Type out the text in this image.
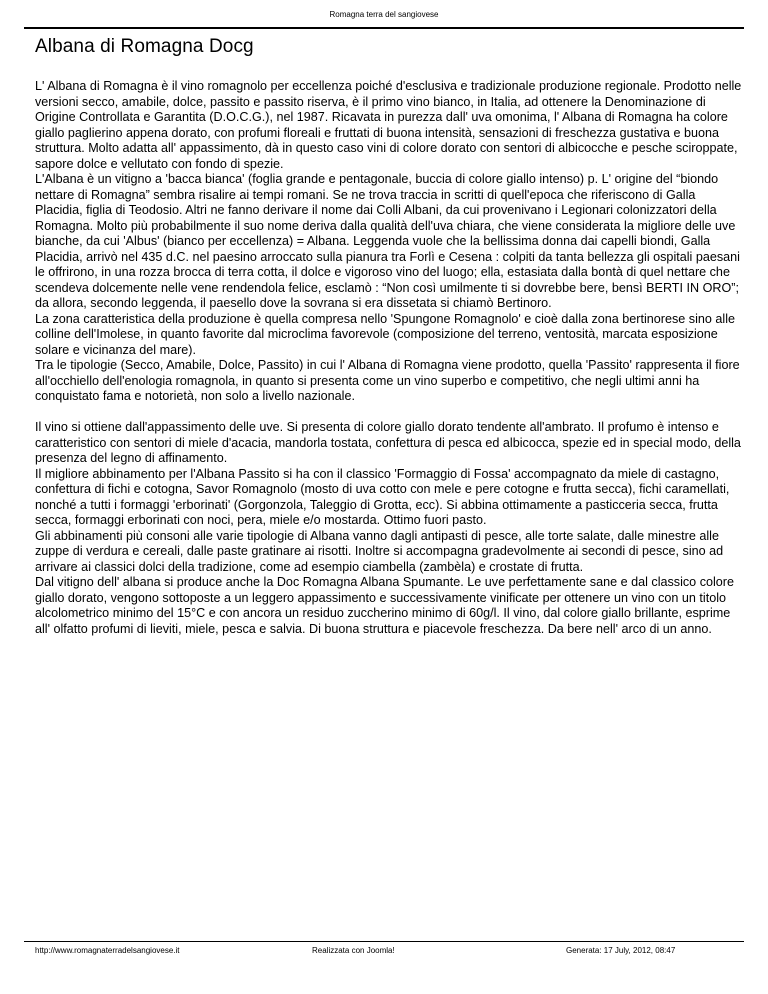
Romagna terra del sangiovese
Albana di Romagna Docg

L' Albana di Romagna è il vino romagnolo per eccellenza poiché d'esclusiva e tradizionale produzione regionale. Prodotto nelle versioni secco, amabile, dolce, passito e passito riserva, è il primo vino bianco, in Italia, ad ottenere la Denominazione di Origine Controllata e Garantita (D.O.C.G.), nel 1987. Ricavata in purezza dall' uva omonima, l' Albana di Romagna ha colore giallo paglierino appena dorato, con profumi floreali e fruttati di buona intensità, sensazioni di freschezza gustativa e buona struttura. Molto adatta all' appassimento, dà in questo caso vini di colore dorato con sentori di albicocche e pesche sciroppate, sapore dolce e vellutato con fondo di spezie.

L'Albana è un vitigno a 'bacca bianca' (foglia grande e pentagonale, buccia di colore giallo intenso) p. L' origine del “biondo nettare di Romagna” sembra risalire ai tempi romani. Se ne trova traccia in scritti di quell'epoca che riferiscono di Galla Placidia, figlia di Teodosio. Altri ne fanno derivare il nome dai Colli Albani, da cui provenivano i Legionari colonizzatori della Romagna. Molto più probabilmente il suo nome deriva dalla qualità dell'uva chiara, che viene considerata la migliore delle uve bianche, da cui 'Albus' (bianco per eccellenza) = Albana. Leggenda vuole che la bellissima donna dai capelli biondi, Galla Placidia, arrivò nel 435 d.C. nel paesino arroccato sulla pianura tra Forlì e Cesena : colpiti da tanta bellezza gli ospitali paesani le offrirono, in una rozza brocca di terra cotta, il dolce e vigoroso vino del luogo; ella, estasiata dalla bontà di quel nettare che scendeva dolcemente nelle vene rendendola felice, esclamò : “Non così umilmente ti si dovrebbe bere, bensì BERTI IN ORO”; da allora, secondo leggenda, il paesello dove la sovrana si era dissetata si chiamò Bertinoro.

La zona caratteristica della produzione è quella compresa nello 'Spungone Romagnolo' e cioè dalla zona bertinorese sino alle colline dell'Imolese, in quanto favorite dal microclima favorevole (composizione del terreno, ventosità, marcata esposizione solare e vicinanza del mare).

Tra le tipologie (Secco, Amabile, Dolce, Passito) in cui l' Albana di Romagna viene prodotto, quella 'Passito' rappresenta il fiore all'occhiello dell'enologia romagnola, in quanto si presenta come un vino superbo e competitivo, che negli ultimi anni ha conquistato fama e notorietà, non solo a livello nazionale.

Il vino si ottiene dall'appassimento delle uve. Si presenta di colore giallo dorato tendente all'ambrato. Il profumo è intenso e caratteristico con sentori di miele d'acacia, mandorla tostata, confettura di pesca ed albicocca, spezie ed in special modo, della presenza del legno di affinamento.

Il migliore abbinamento per l'Albana Passito si ha con il classico 'Formaggio di Fossa' accompagnato da miele di castagno, confettura di fichi e cotogna, Savor Romagnolo (mosto di uva cotto con mele e pere cotogne e frutta secca), fichi caramellati, nonché a tutti i formaggi 'erborinati' (Gorgonzola, Taleggio di Grotta, ecc). Si abbina ottimamente a pasticceria secca, frutta secca, formaggi erborinati con noci, pera, miele e/o mostarda. Ottimo fuori pasto.

Gli abbinamenti più consoni alle varie tipologie di Albana vanno dagli antipasti di pesce, alle torte salate, dalle minestre alle zuppe di verdura e cereali, dalle paste gratinare ai risotti. Inoltre si accompagna gradevolmente ai secondi di pesce, sino ad arrivare ai classici dolci della tradizione, come ad esempio ciambella (zambèla) e crostate di frutta.

Dal vitigno dell' albana si produce anche la Doc Romagna Albana Spumante. Le uve perfettamente sane e dal classico colore giallo dorato, vengono sottoposte a un leggero appassimento e successivamente vinificate per ottenere un vino con un titolo alcolometrico minimo del 15°C e con ancora un residuo zuccherino minimo di 60g/l. Il vino, dal colore giallo brillante, esprime all' olfatto profumi di lieviti, miele, pesca e salvia. Di buona struttura e piacevole freschezza. Da bere nell' arco di un anno.

http://www.romagnaterradelsangiovese.it	Realizzata con Joomla!	Generata: 17 July, 2012, 08:47
